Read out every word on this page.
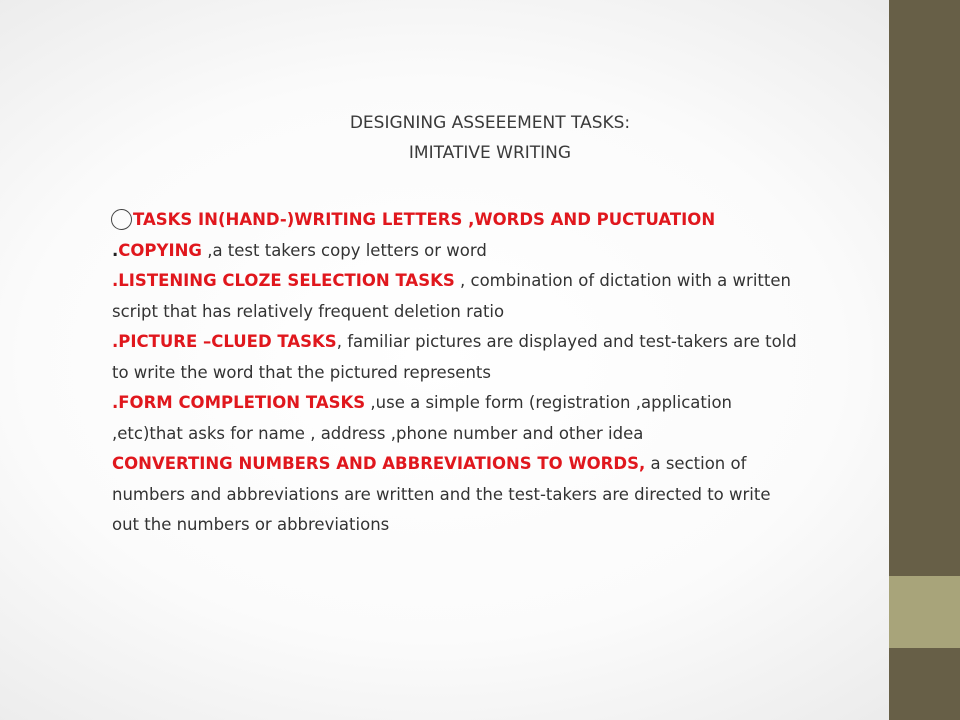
DESIGNING ASSEEEMENT TASKS:
IMITATIVE WRITING
TASKS IN(HAND-)WRITING LETTERS ,WORDS AND PUCTUATION
.COPYING ,a test takers copy letters or word
.LISTENING CLOZE SELECTION TASKS , combination of dictation with a written
script that has relatively frequent deletion ratio
.PICTURE –CLUED TASKS, familiar pictures are displayed and test-takers are told
to write the word that the pictured represents
.FORM COMPLETION TASKS ,use a simple form (registration ,application
,etc)that asks for name , address ,phone number and other idea
CONVERTING NUMBERS AND ABBREVIATIONS TO WORDS, a section of
numbers and abbreviations are written and the test-takers are directed to write
out the numbers or abbreviations
